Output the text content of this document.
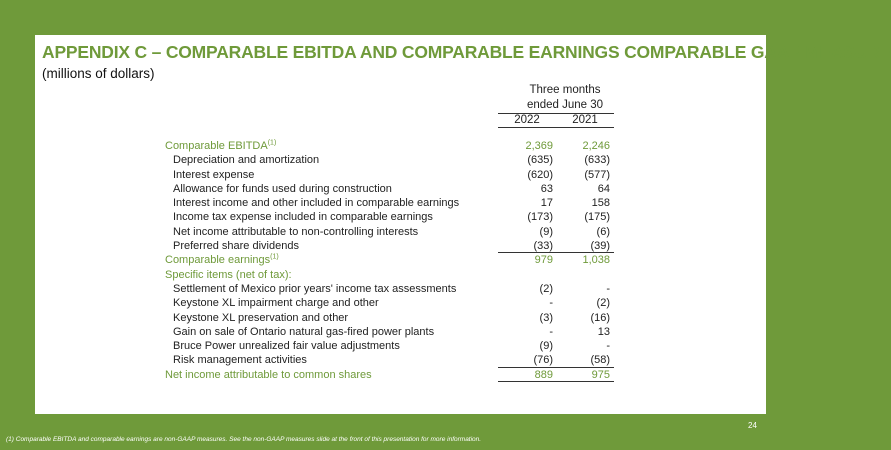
APPENDIX C – COMPARABLE EBITDA AND COMPARABLE EARNINGS COMPARABLE GAAP MEASURE
(millions of dollars)
Three months
ended June 30
2022	2021
Comparable EBITDA$^{(1)}$	2,369	2,246
Depreciation and amortization	(635)	(633)
Interest expense	(620)	(577)
Allowance for funds used during construction	63	64
Interest income and other included in comparable earnings	17	158
Income tax expense included in comparable earnings	(173)	(175)
Net income attributable to non-controlling interests	(9)	(6)
Preferred share dividends	(33)	(39)
Comparable earnings$^{(1)}$	979	1,038
Specific items (net of tax):
Settlement of Mexico prior years' income tax assessments	(2)	-
Keystone XL impairment charge and other	-	(2)
Keystone XL preservation and other	(3)	(16)
Gain on sale of Ontario natural gas-fired power plants	-	13
Bruce Power unrealized fair value adjustments	(9)	-
Risk management activities	(76)	(58)
Net income attributable to common shares	889	975
24
(1) Comparable EBITDA and comparable earnings are non-GAAP measures. See the non-GAAP measures slide at the front of this presentation for more information.
